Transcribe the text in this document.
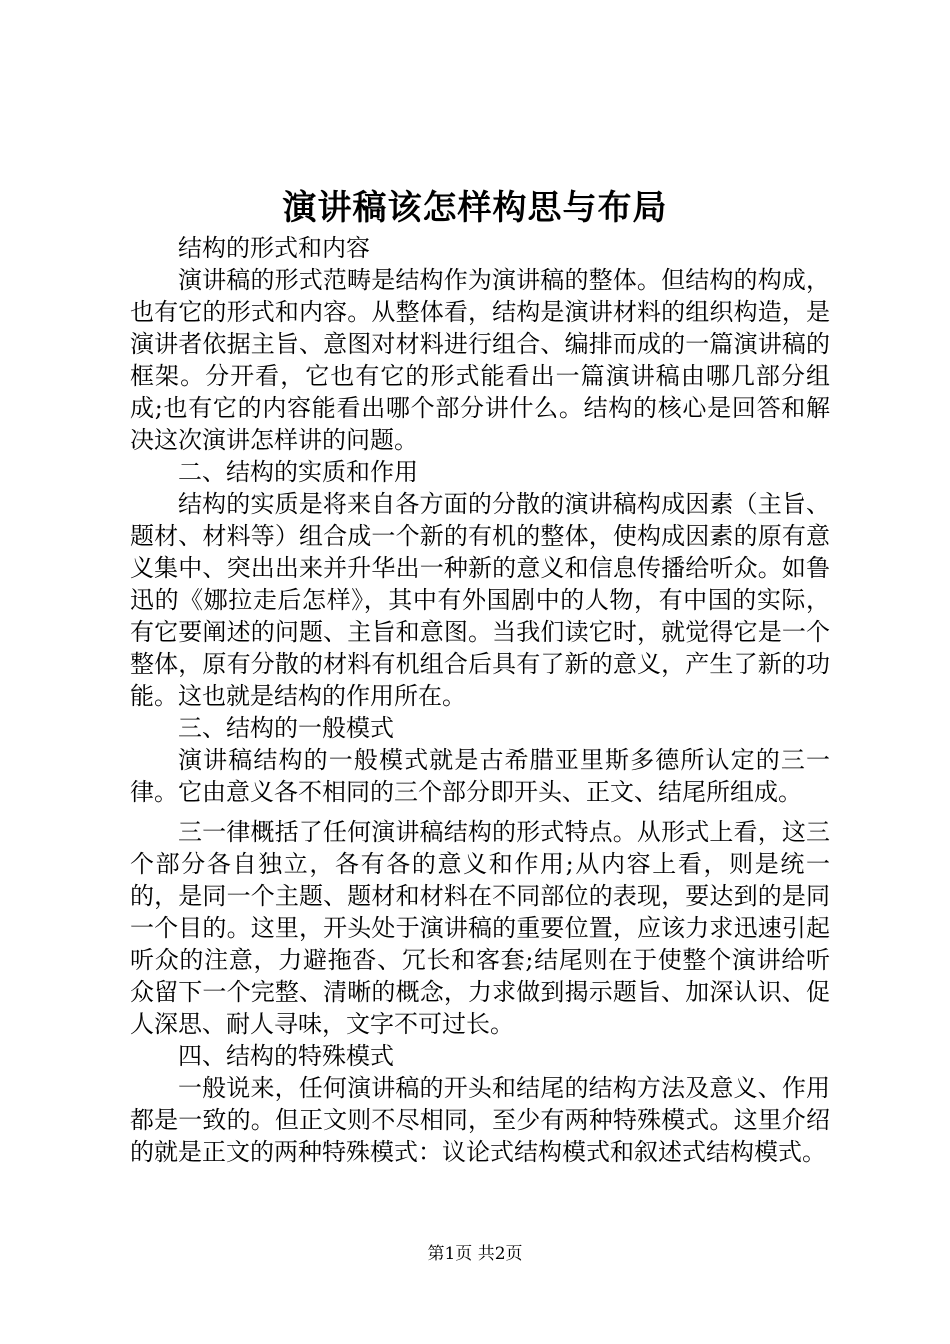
演讲稿该怎样构思与布局

结构的形式和内容

演讲稿的形式范畴是结构作为演讲稿的整体。但结构的构成，也有它的形式和内容。从整体看，结构是演讲材料的组织构造，是演讲者依据主旨、意图对材料进行组合、编排而成的一篇演讲稿的框架。分开看，它也有它的形式能看出一篇演讲稿由哪几部分组成;也有它的内容能看出哪个部分讲什么。结构的核心是回答和解决这次演讲怎样讲的问题。

二、结构的实质和作用

结构的实质是将来自各方面的分散的演讲稿构成因素（主旨、题材、材料等）组合成一个新的有机的整体，使构成因素的原有意义集中、突出出来并升华出一种新的意义和信息传播给听众。如鲁迅的《娜拉走后怎样》，其中有外国剧中的人物，有中国的实际，有它要阐述的问题、主旨和意图。当我们读它时，就觉得它是一个整体，原有分散的材料有机组合后具有了新的意义，产生了新的功能。这也就是结构的作用所在。

三、结构的一般模式

演讲稿结构的一般模式就是古希腊亚里斯多德所认定的三一律。它由意义各不相同的三个部分即开头、正文、结尾所组成。

三一律概括了任何演讲稿结构的形式特点。从形式上看，这三个部分各自独立，各有各的意义和作用;从内容上看，则是统一的，是同一个主题、题材和材料在不同部位的表现，要达到的是同一个目的。这里，开头处于演讲稿的重要位置，应该力求迅速引起听众的注意，力避拖沓、冗长和客套;结尾则在于使整个演讲给听众留下一个完整、清晰的概念，力求做到揭示题旨、加深认识、促人深思、耐人寻味，文字不可过长。

四、结构的特殊模式

一般说来，任何演讲稿的开头和结尾的结构方法及意义、作用都是一致的。但正文则不尽相同，至少有两种特殊模式。这里介绍的就是正文的两种特殊模式：议论式结构模式和叙述式结构模式。

第1页 共2页
